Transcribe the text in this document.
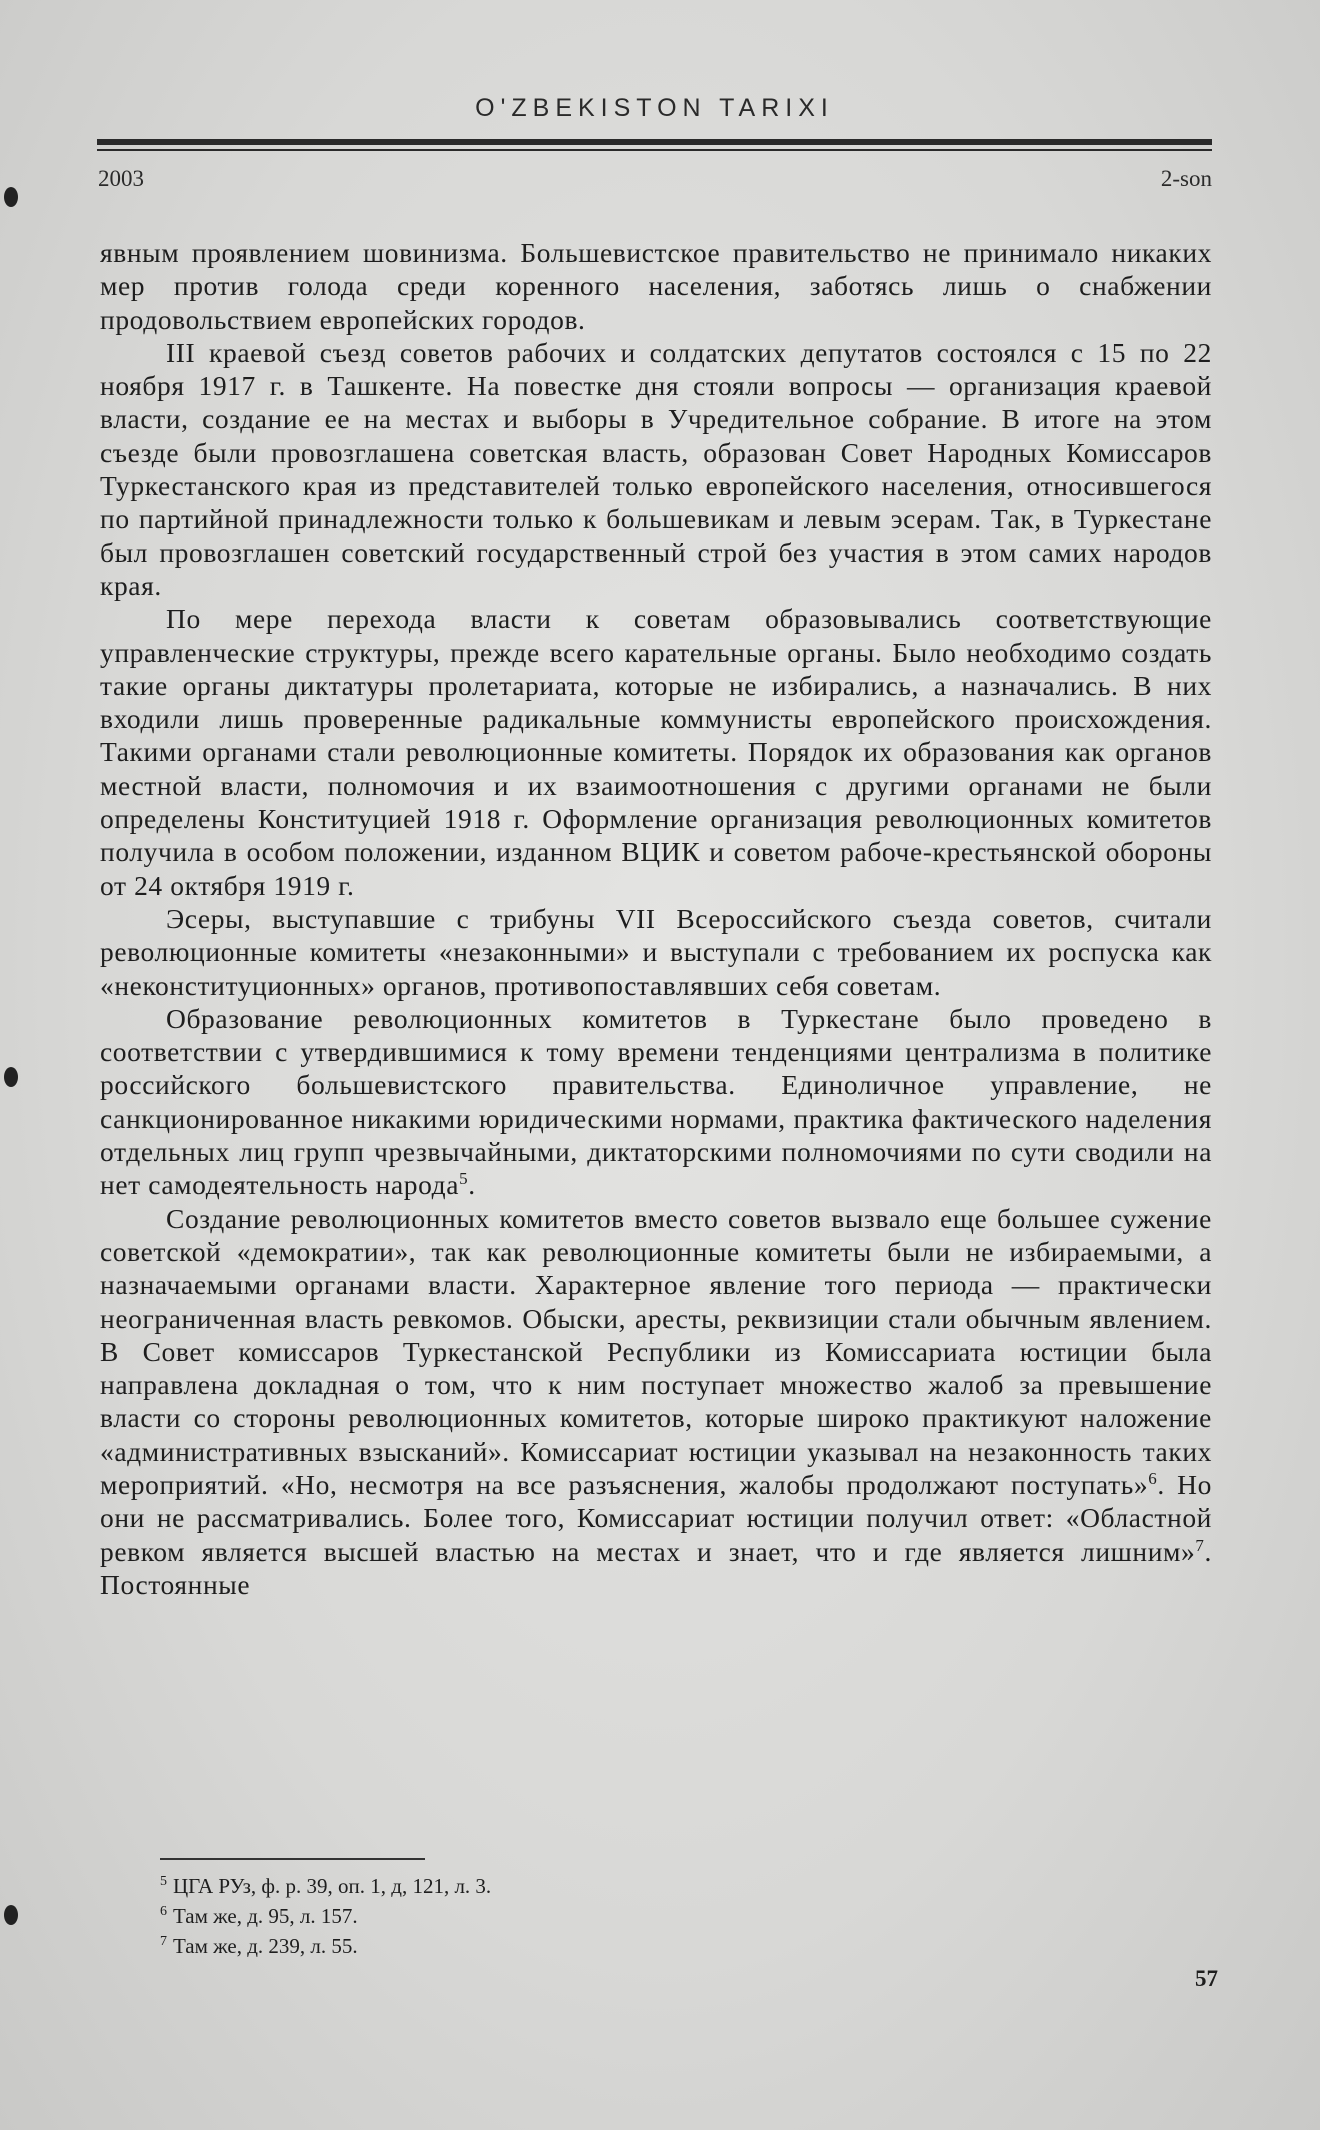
O'ZBEKISTON TARIXI
2003	2-son

явным проявлением шовинизма. Большевистское правительство не принимало никаких мер против голода среди коренного населения, заботясь лишь о снабжении продовольствием европейских городов.

III краевой съезд советов рабочих и солдатских депутатов состоялся с 15 по 22 ноября 1917 г. в Ташкенте. На повестке дня стояли вопросы — организация краевой власти, создание ее на местах и выборы в Учредительное собрание. В итоге на этом съезде были провозглашена советская власть, образован Совет Народных Комиссаров Туркестанского края из представителей только европейского населения, относившегося по партийной принадлежности только к большевикам и левым эсерам. Так, в Туркестане был провозглашен советский государственный строй без участия в этом самих народов края.

По мере перехода власти к советам образовывались соответствующие управленческие структуры, прежде всего карательные органы. Было необходимо создать такие органы диктатуры пролетариата, которые не избирались, а назначались. В них входили лишь проверенные радикальные коммунисты европейского происхождения. Такими органами стали революционные комитеты. Порядок их образования как органов местной власти, полномочия и их взаимоотношения с другими органами не были определены Конституцией 1918 г. Оформление организация революционных комитетов получила в особом положении, изданном ВЦИК и советом рабоче-крестьянской обороны от 24 октября 1919 г.

Эсеры, выступавшие с трибуны VII Всероссийского съезда советов, считали революционные комитеты «незаконными» и выступали с требованием их роспуска как «неконституционных» органов, противопоставлявших себя советам.

Образование революционных комитетов в Туркестане было проведено в соответствии с утвердившимися к тому времени тенденциями централизма в политике российского большевистского правительства. Единоличное управление, не санкционированное никакими юридическими нормами, практика фактического наделения отдельных лиц групп чрезвычайными, диктаторскими полномочиями по сути сводили на нет самодеятельность народа$^5$.

Создание революционных комитетов вместо советов вызвало еще большее сужение советской «демократии», так как революционные комитеты были не избираемыми, а назначаемыми органами власти. Характерное явление того периода — практически неограниченная власть ревкомов. Обыски, аресты, реквизиции стали обычным явлением. В Совет комиссаров Туркестанской Республики из Комиссариата юстиции была направлена докладная о том, что к ним поступает множество жалоб за превышение власти со стороны революционных комитетов, которые широко практикуют наложение «административных взысканий». Комиссариат юстиции указывал на незаконность таких мероприятий. «Но, несмотря на все разъяснения, жалобы продолжают поступать»$^6$. Но они не рассматривались. Более того, Комиссариат юстиции получил ответ: «Областной ревком является высшей властью на местах и знает, что и где является лишним»$^7$. Постоянные

$^5$ ЦГА РУз, ф. р. 39, оп. 1, д, 121, л. 3.
$^6$ Там же, д. 95, л. 157.
$^7$ Там же, д. 239, л. 55.
57
